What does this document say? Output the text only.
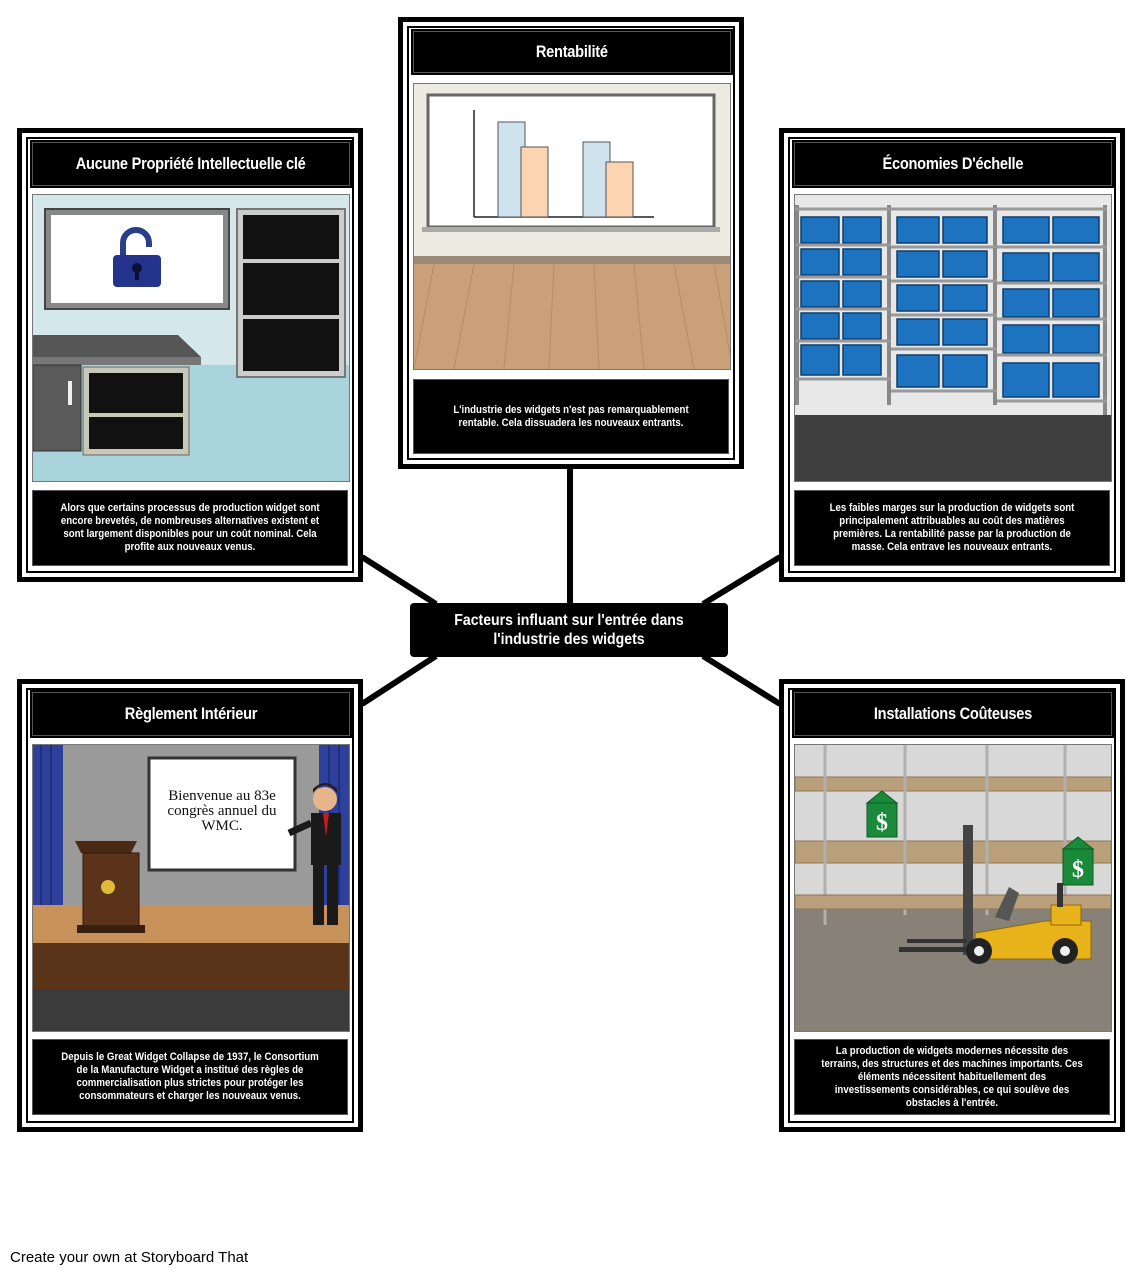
Rentabilité
L'industrie des widgets n'est pas remarquablement rentable. Cela dissuadera les nouveaux entrants.
Aucune Propriété Intellectuelle clé
Alors que certains processus de production widget sont encore brevetés, de nombreuses alternatives existent et sont largement disponibles pour un coût nominal. Cela profite aux nouveaux venus.
Économies D'échelle
Les faibles marges sur la production de widgets sont principalement attribuables au coût des matières premières. La rentabilité passe par la production de masse. Cela entrave les nouveaux entrants.
Facteurs influant sur l'entrée dans l'industrie des widgets
Règlement Intérieur
Bienvenue au 83e congrès annuel du WMC.
Depuis le Great Widget Collapse de 1937, le Consortium de la Manufacture Widget a institué des règles de commercialisation plus strictes pour protéger les consommateurs et charger les nouveaux venus.
Installations Coûteuses
$
$
La production de widgets modernes nécessite des terrains, des structures et des machines importants. Ces éléments nécessitent habituellement des investissements considérables, ce qui soulève des obstacles à l'entrée.
Create your own at Storyboard That
